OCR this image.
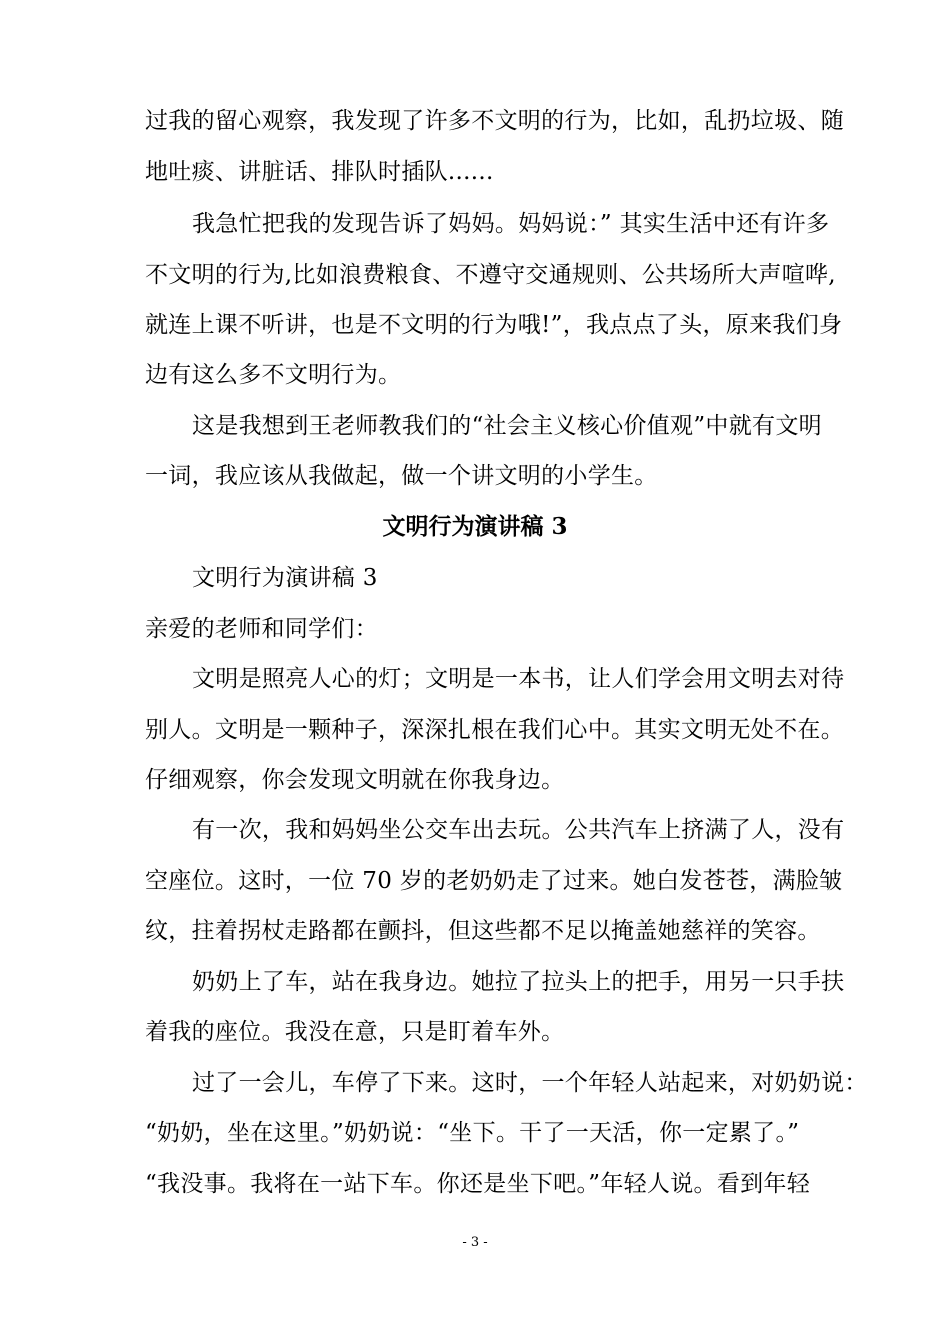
过我的留心观察，我发现了许多不文明的行为，比如，乱扔垃圾、随
地吐痰、讲脏话、排队时插队......
我急忙把我的发现告诉了妈妈。妈妈说：” 其实生活中还有许多
不文明的行为,比如浪费粮食、不遵守交通规则、公共场所大声喧哗,
就连上课不听讲，也是不文明的行为哦!”，我点点了头，原来我们身
边有这么多不文明行为。
这是我想到王老师教我们的“社会主义核心价值观”中就有文明
一词，我应该从我做起，做一个讲文明的小学生。
文明行为演讲稿 3
文明行为演讲稿 3
亲爱的老师和同学们：
文明是照亮人心的灯；文明是一本书，让人们学会用文明去对待
别人。文明是一颗种子，深深扎根在我们心中。其实文明无处不在。
仔细观察，你会发现文明就在你我身边。
有一次，我和妈妈坐公交车出去玩。公共汽车上挤满了人，没有
空座位。这时，一位 70 岁的老奶奶走了过来。她白发苍苍，满脸皱
纹，拄着拐杖走路都在颤抖，但这些都不足以掩盖她慈祥的笑容。
奶奶上了车，站在我身边。她拉了拉头上的把手，用另一只手扶
着我的座位。我没在意，只是盯着车外。
过了一会儿，车停了下来。这时，一个年轻人站起来，对奶奶说：
“奶奶，坐在这里。”奶奶说：“坐下。干了一天活，你一定累了。”
“我没事。我将在一站下车。你还是坐下吧。”年轻人说。看到年轻
- 3 -
